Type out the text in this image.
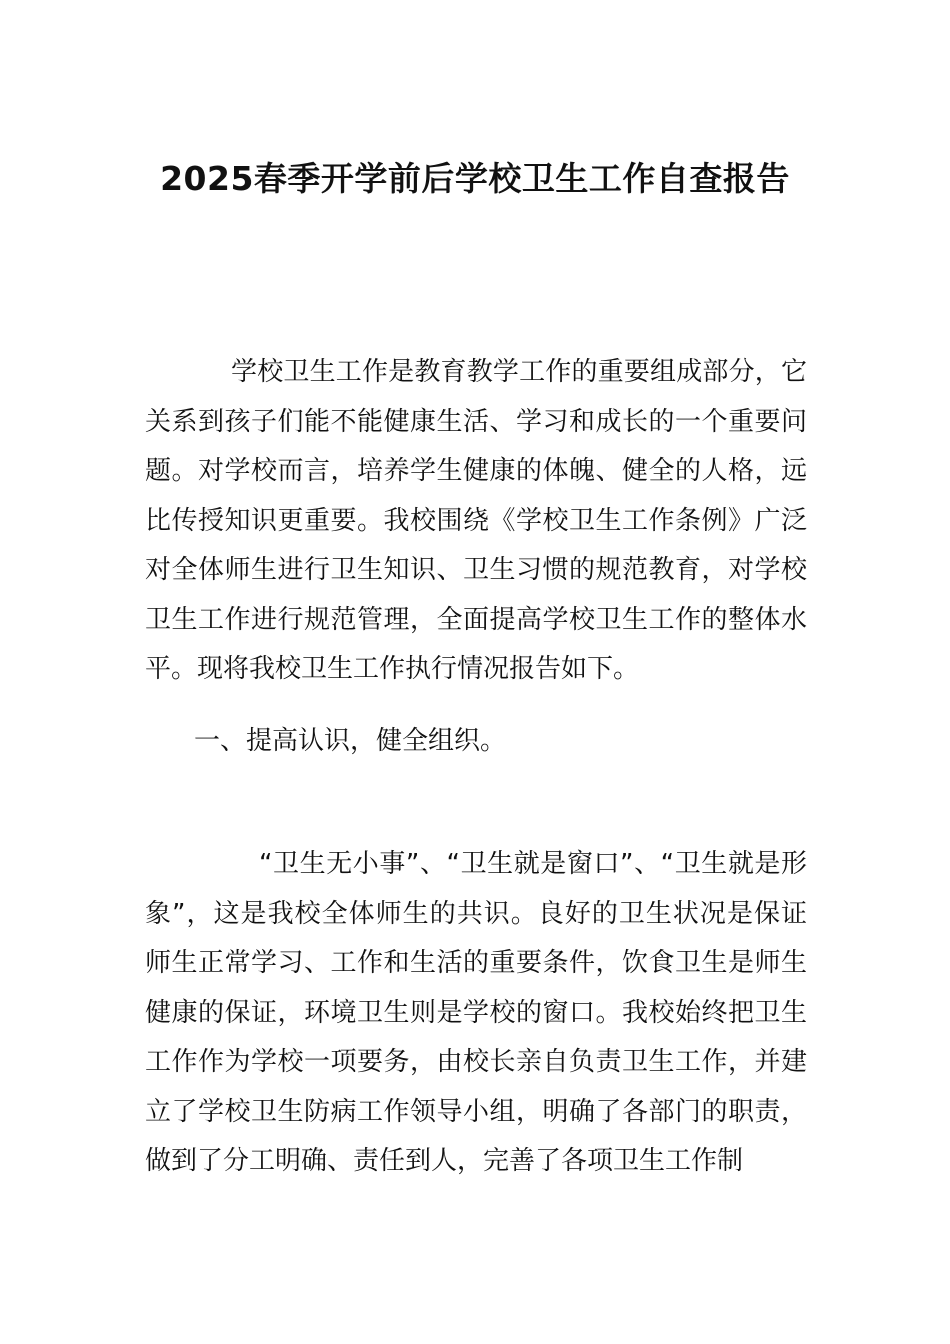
2025春季开学前后学校卫生工作自查报告

学校卫生工作是教育教学工作的重要组成部分，它关系到孩子们能不能健康生活、学习和成长的一个重要问题。对学校而言，培养学生健康的体魄、健全的人格，远比传授知识更重要。我校围绕《学校卫生工作条例》广泛对全体师生进行卫生知识、卫生习惯的规范教育，对学校卫生工作进行规范管理，全面提高学校卫生工作的整体水平。现将我校卫生工作执行情况报告如下。

一、提高认识，健全组织。

“卫生无小事”、“卫生就是窗口”、“卫生就是形象”，这是我校全体师生的共识。良好的卫生状况是保证师生正常学习、工作和生活的重要条件，饮食卫生是师生健康的保证，环境卫生则是学校的窗口。我校始终把卫生工作作为学校一项要务，由校长亲自负责卫生工作，并建立了学校卫生防病工作领导小组，明确了各部门的职责，做到了分工明确、责任到人，完善了各项卫生工作制
